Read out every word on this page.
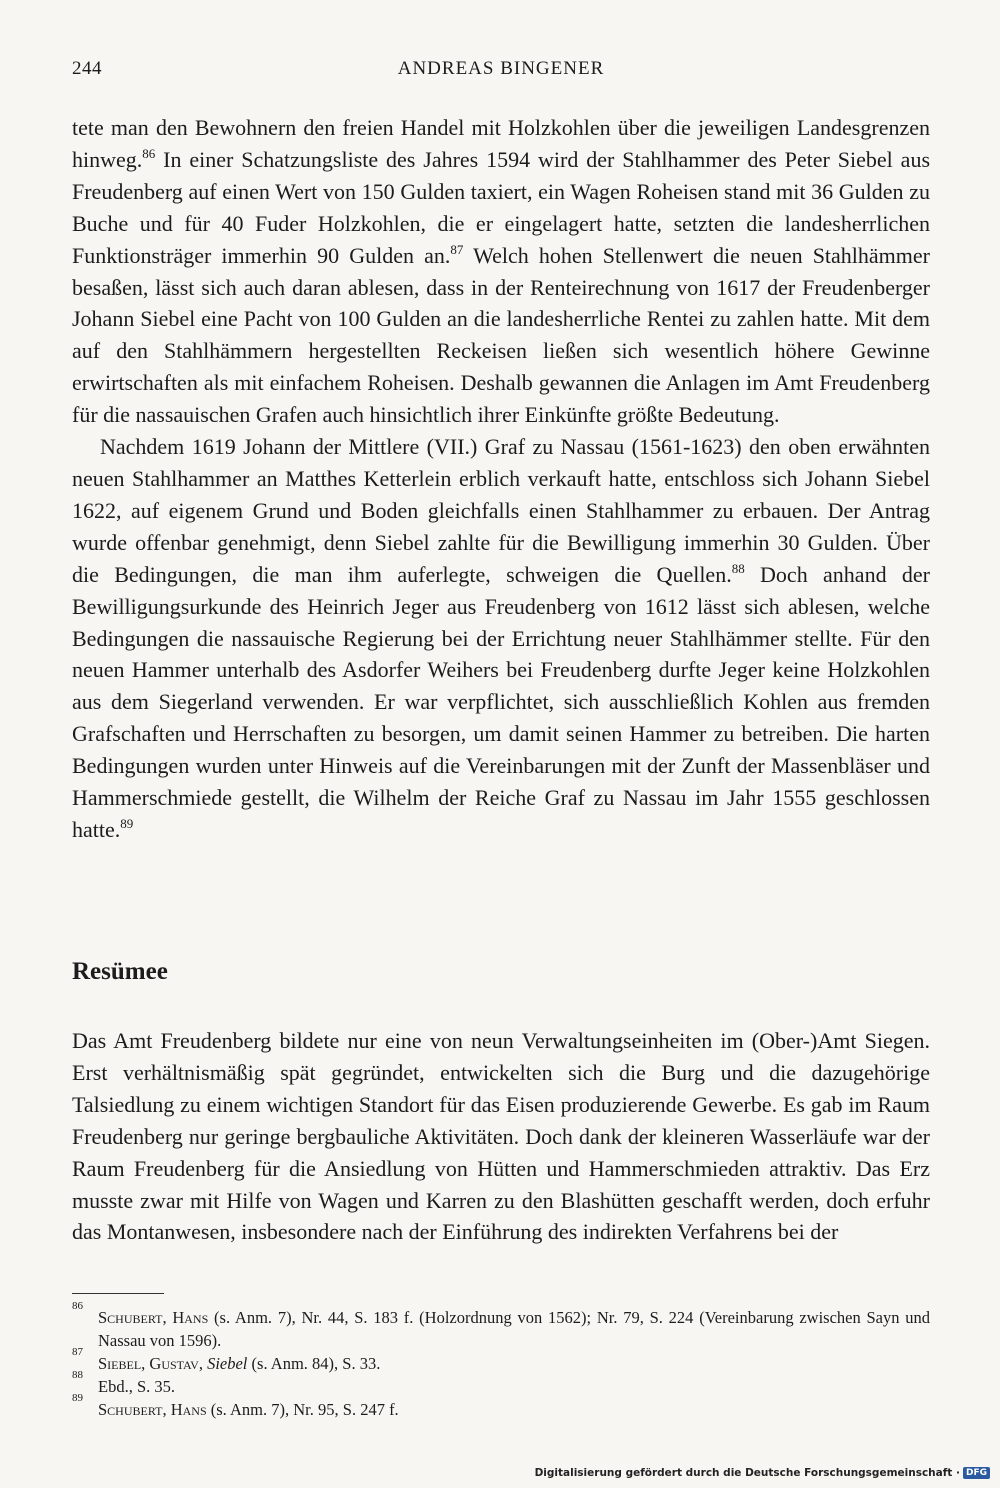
244	ANDREAS BINGENER

tete man den Bewohnern den freien Handel mit Holzkohlen über die jeweiligen Landesgrenzen hinweg.$^{86}$ In einer Schatzungsliste des Jahres 1594 wird der Stahlhammer des Peter Siebel aus Freudenberg auf einen Wert von 150 Gulden taxiert, ein Wagen Roheisen stand mit 36 Gulden zu Buche und für 40 Fuder Holzkohlen, die er eingelagert hatte, setzten die landesherrlichen Funktionsträger immerhin 90 Gulden an.$^{87}$ Welch hohen Stellenwert die neuen Stahlhämmer besaßen, lässt sich auch daran ablesen, dass in der Renteirechnung von 1617 der Freudenberger Johann Siebel eine Pacht von 100 Gulden an die landesherrliche Rentei zu zahlen hatte. Mit dem auf den Stahlhämmern hergestellten Reckeisen ließen sich wesentlich höhere Gewinne erwirtschaften als mit einfachem Roheisen. Deshalb gewannen die Anlagen im Amt Freudenberg für die nassauischen Grafen auch hinsichtlich ihrer Einkünfte größte Bedeutung.

Nachdem 1619 Johann der Mittlere (VII.) Graf zu Nassau (1561-1623) den oben erwähnten neuen Stahlhammer an Matthes Ketterlein erblich verkauft hatte, entschloss sich Johann Siebel 1622, auf eigenem Grund und Boden gleichfalls einen Stahlhammer zu erbauen. Der Antrag wurde offenbar genehmigt, denn Siebel zahlte für die Bewilligung immerhin 30 Gulden. Über die Bedingungen, die man ihm auferlegte, schweigen die Quellen.$^{88}$ Doch anhand der Bewilligungsurkunde des Heinrich Jeger aus Freudenberg von 1612 lässt sich ablesen, welche Bedingungen die nassauische Regierung bei der Errichtung neuer Stahlhämmer stellte. Für den neuen Hammer unterhalb des Asdorfer Weihers bei Freudenberg durfte Jeger keine Holzkohlen aus dem Siegerland verwenden. Er war verpflichtet, sich ausschließlich Kohlen aus fremden Grafschaften und Herrschaften zu besorgen, um damit seinen Hammer zu betreiben. Die harten Bedingungen wurden unter Hinweis auf die Vereinbarungen mit der Zunft der Massenbläser und Hammerschmiede gestellt, die Wilhelm der Reiche Graf zu Nassau im Jahr 1555 geschlossen hatte.$^{89}$

Resümee

Das Amt Freudenberg bildete nur eine von neun Verwaltungseinheiten im (Ober-)Amt Siegen. Erst verhältnismäßig spät gegründet, entwickelten sich die Burg und die dazugehörige Talsiedlung zu einem wichtigen Standort für das Eisen produzierende Gewerbe. Es gab im Raum Freudenberg nur geringe bergbauliche Aktivitäten. Doch dank der kleineren Wasserläufe war der Raum Freudenberg für die Ansiedlung von Hütten und Hammerschmieden attraktiv. Das Erz musste zwar mit Hilfe von Wagen und Karren zu den Blashütten geschafft werden, doch erfuhr das Montanwesen, insbesondere nach der Einführung des indirekten Verfahrens bei der

86
Schubert, Hans (s. Anm. 7), Nr. 44, S. 183 f. (Holzordnung von 1562); Nr. 79, S. 224 (Vereinbarung zwischen Sayn und Nassau von 1596).

87
Siebel, Gustav, Siebel (s. Anm. 84), S. 33.

88
Ebd., S. 35.

89
Schubert, Hans (s. Anm. 7), Nr. 95, S. 247 f.

Digitalisierung gefördert durch die Deutsche Forschungsgemeinschaft · DFG
